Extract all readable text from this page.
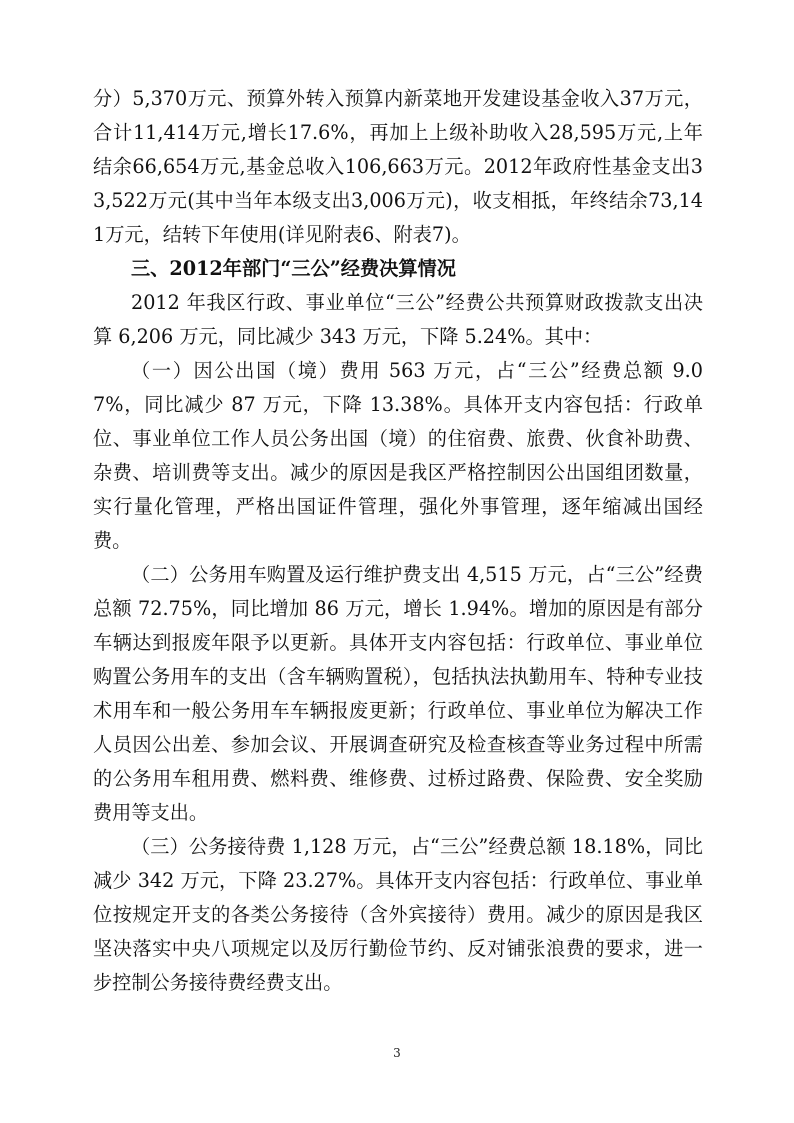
分）5,370万元、预算外转入预算内新菜地开发建设基金收入37万元，合计11,414万元,增长17.6%，再加上上级补助收入28,595万元,上年结余66,654万元,基金总收入106,663万元。2012年政府性基金支出33,522万元(其中当年本级支出3,006万元)，收支相抵，年终结余73,141万元，结转下年使用(详见附表6、附表7)。

三、2012年部门“三公”经费决算情况

2012 年我区行政、事业单位“三公”经费公共预算财政拨款支出决算 6,206 万元，同比减少 343 万元，下降 5.24%。其中：

（一）因公出国（境）费用 563 万元，占“三公”经费总额 9.07%，同比减少 87 万元，下降 13.38%。具体开支内容包括：行政单位、事业单位工作人员公务出国（境）的住宿费、旅费、伙食补助费、杂费、培训费等支出。减少的原因是我区严格控制因公出国组团数量，实行量化管理，严格出国证件管理，强化外事管理，逐年缩减出国经费。

（二）公务用车购置及运行维护费支出 4,515 万元，占“三公”经费总额 72.75%，同比增加 86 万元，增长 1.94%。增加的原因是有部分车辆达到报废年限予以更新。具体开支内容包括：行政单位、事业单位购置公务用车的支出（含车辆购置税），包括执法执勤用车、特种专业技术用车和一般公务用车车辆报废更新；行政单位、事业单位为解决工作人员因公出差、参加会议、开展调查研究及检查核查等业务过程中所需的公务用车租用费、燃料费、维修费、过桥过路费、保险费、安全奖励费用等支出。

（三）公务接待费 1,128 万元，占“三公”经费总额 18.18%，同比减少 342 万元，下降 23.27%。具体开支内容包括：行政单位、事业单位按规定开支的各类公务接待（含外宾接待）费用。减少的原因是我区坚决落实中央八项规定以及厉行勤俭节约、反对铺张浪费的要求，进一步控制公务接待费经费支出。

3
